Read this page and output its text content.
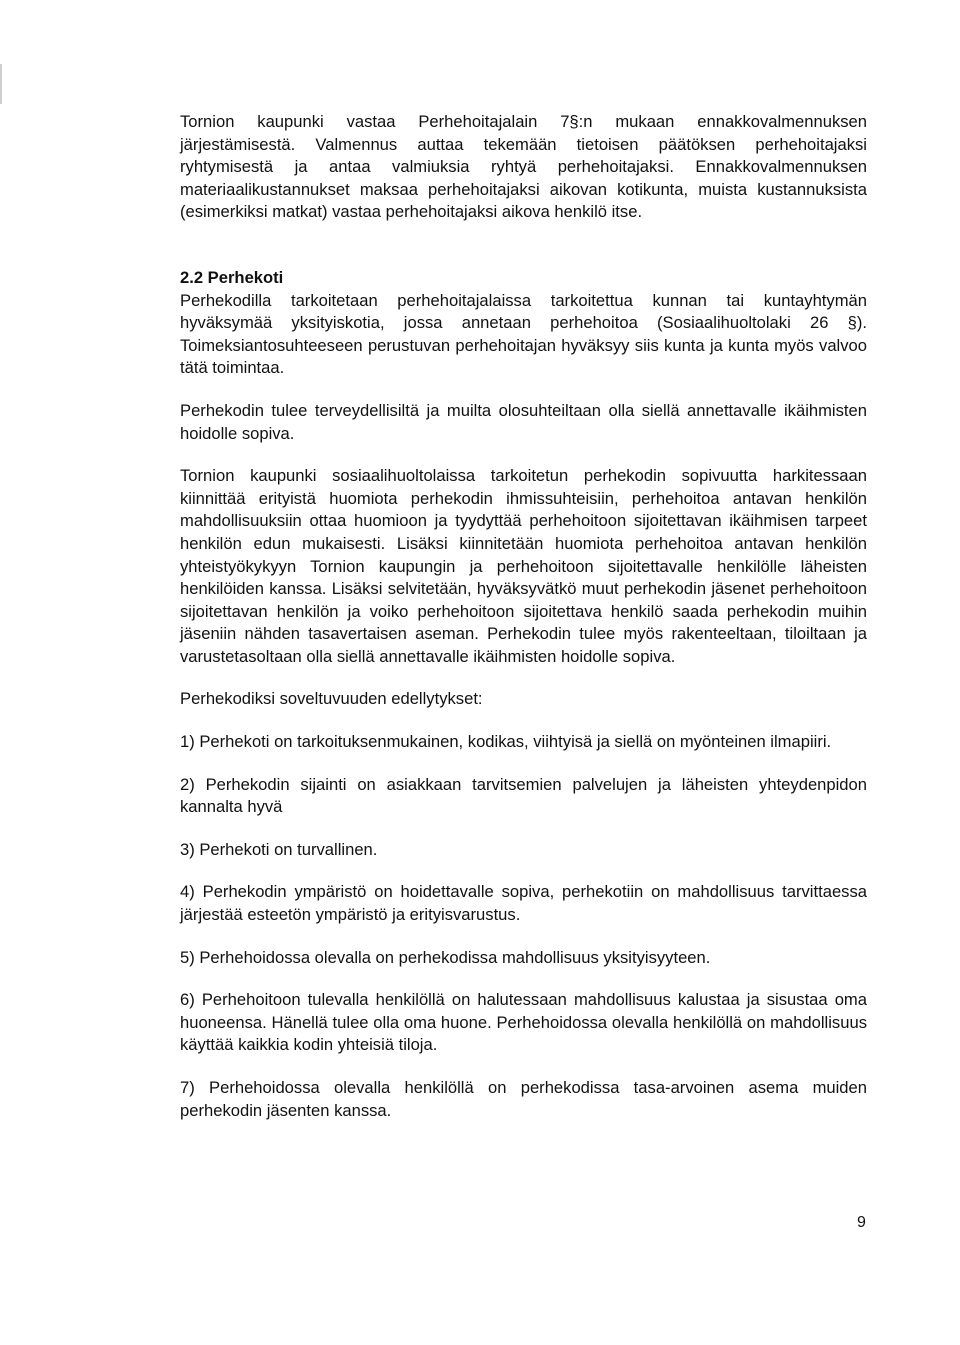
Tornion kaupunki vastaa Perhehoitajalain 7§:n mukaan ennakkovalmennuksen järjestämisestä. Valmennus auttaa tekemään tietoisen päätöksen perhehoitajaksi ryhtymisestä ja antaa valmiuksia ryhtyä perhehoitajaksi. Ennakkovalmennuksen materiaalikustannukset maksaa perhehoitajaksi aikovan kotikunta, muista kustannuksista (esimerkiksi matkat) vastaa perhehoitajaksi aikova henkilö itse.

2.2 Perhekoti

Perhekodilla tarkoitetaan perhehoitajalaissa tarkoitettua kunnan tai kuntayhtymän hyväksymää yksityiskotia, jossa annetaan perhehoitoa (Sosiaalihuoltolaki 26 §). Toimeksiantosuhteeseen perustuvan perhehoitajan hyväksyy siis kunta ja kunta myös valvoo tätä toimintaa.

Perhekodin tulee terveydellisiltä ja muilta olosuhteiltaan olla siellä annettavalle ikäihmisten hoidolle sopiva.

Tornion kaupunki sosiaalihuoltolaissa tarkoitetun perhekodin sopivuutta harkitessaan kiinnittää erityistä huomiota perhekodin ihmissuhteisiin, perhehoitoa antavan henkilön mahdollisuuksiin ottaa huomioon ja tyydyttää perhehoitoon sijoitettavan ikäihmisen tarpeet henkilön edun mukaisesti. Lisäksi kiinnitetään huomiota perhehoitoa antavan henkilön yhteistyökykyyn Tornion kaupungin ja perhehoitoon sijoitettavalle henkilölle läheisten henkilöiden kanssa. Lisäksi selvitetään, hyväksyvätkö muut perhekodin jäsenet perhehoitoon sijoitettavan henkilön ja voiko perhehoitoon sijoitettava henkilö saada perhekodin muihin jäseniin nähden tasavertaisen aseman. Perhekodin tulee myös rakenteeltaan, tiloiltaan ja varustetasoltaan olla siellä annettavalle ikäihmisten hoidolle sopiva.

Perhekodiksi soveltuvuuden edellytykset:

1) Perhekoti on tarkoituksenmukainen, kodikas, viihtyisä ja siellä on myönteinen ilmapiiri.

2) Perhekodin sijainti on asiakkaan tarvitsemien palvelujen ja läheisten yhteydenpidon kannalta hyvä

3) Perhekoti on turvallinen.

4) Perhekodin ympäristö on hoidettavalle sopiva, perhekotiin on mahdollisuus tarvittaessa järjestää esteetön ympäristö ja erityisvarustus.

5) Perhehoidossa olevalla on perhekodissa mahdollisuus yksityisyyteen.

6) Perhehoitoon tulevalla henkilöllä on halutessaan mahdollisuus kalustaa ja sisustaa oma huoneensa. Hänellä tulee olla oma huone. Perhehoidossa olevalla henkilöllä on mahdollisuus käyttää kaikkia kodin yhteisiä tiloja.

7) Perhehoidossa olevalla henkilöllä on perhekodissa tasa-arvoinen asema muiden perhekodin jäsenten kanssa.

9
